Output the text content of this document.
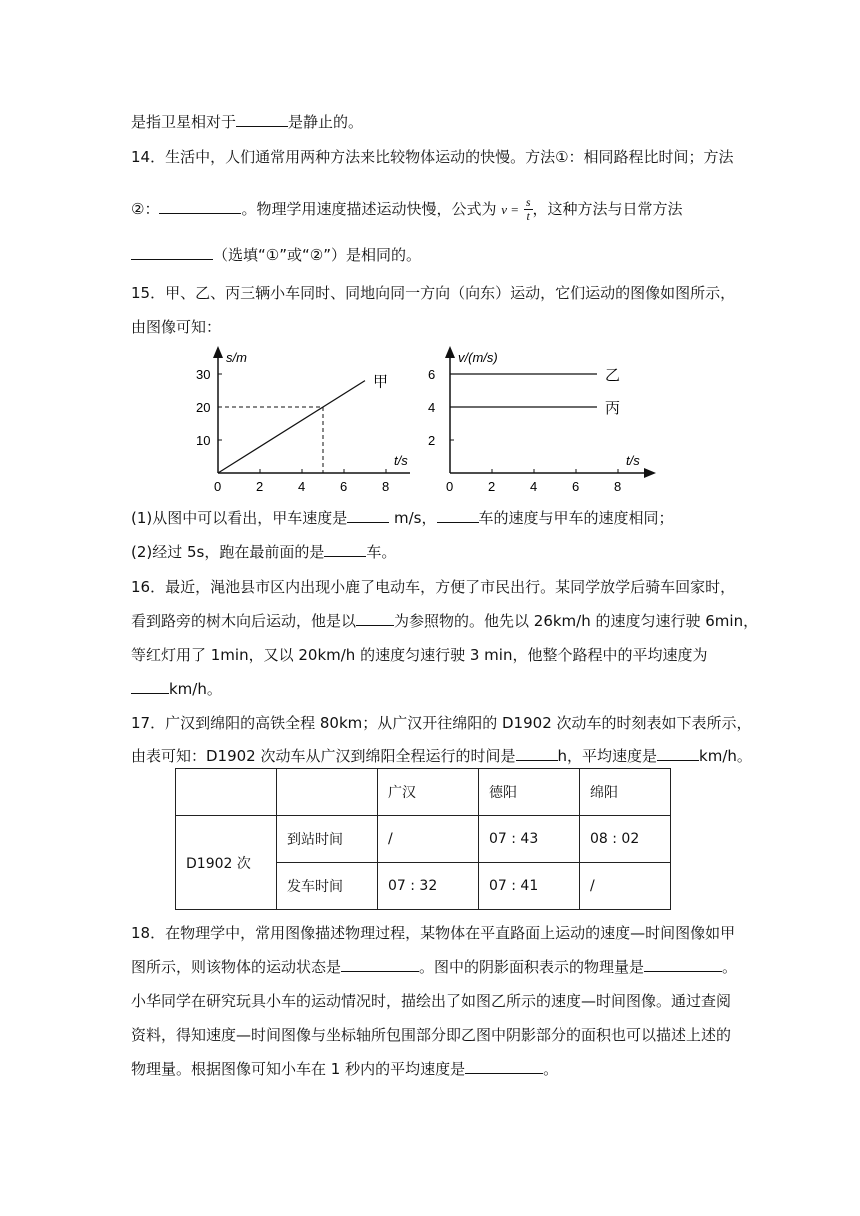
是指卫星相对于	是静止的。
14．生活中，人们通常用两种方法来比较物体运动的快慢。方法①：相同路程比时间；方法
②：	。物理学用速度描述运动快慢，公式为 $v = \frac{s}{t}$ ，这种方法与日常方法
（选填“①”或“②”）是相同的。
15．甲、乙、丙三辆小车同时、同地向同一方向（向东）运动，它们运动的图像如图所示，
由图像可知：
s/m
t/s
0	2	4	6	8
10
20
30	甲
v/(m/s)
t/s
0	2	4	6	8
2
4
6	乙
丙
(1)从图中可以看出，甲车速度是	m/s，	车的速度与甲车的速度相同；
(2)经过 5s，跑在最前面的是	车。
16．最近，渑池县市区内出现小鹿了电动车，方便了市民出行。某同学放学后骑车回家时，
看到路旁的树木向后运动，他是以	为参照物的。他先以 26km/h 的速度匀速行驶 6min，
等红灯用了 1min，又以 20km/h 的速度匀速行驶 3 min，他整个路程中的平均速度为
km/h。
17．广汉到绵阳的高铁全程 80km；从广汉开往绵阳的 D1902 次动车的时刻表如下表所示，
由表可知：D1902 次动车从广汉到绵阳全程运行的时间是	h，平均速度是	km/h。
		广汉	德阳	绵阳
D1902 次	到站时间	/	07 : 43	08 : 02
	发车时间	07 : 32	07 : 41	/
18．在物理学中，常用图像描述物理过程，某物体在平直路面上运动的速度—时间图像如甲
图所示，则该物体的运动状态是	。图中的阴影面积表示的物理量是	。
小华同学在研究玩具小车的运动情况时，描绘出了如图乙所示的速度—时间图像。通过查阅
资料，得知速度—时间图像与坐标轴所包围部分即乙图中阴影部分的面积也可以描述上述的
物理量。根据图像可知小车在 1 秒内的平均速度是	。
